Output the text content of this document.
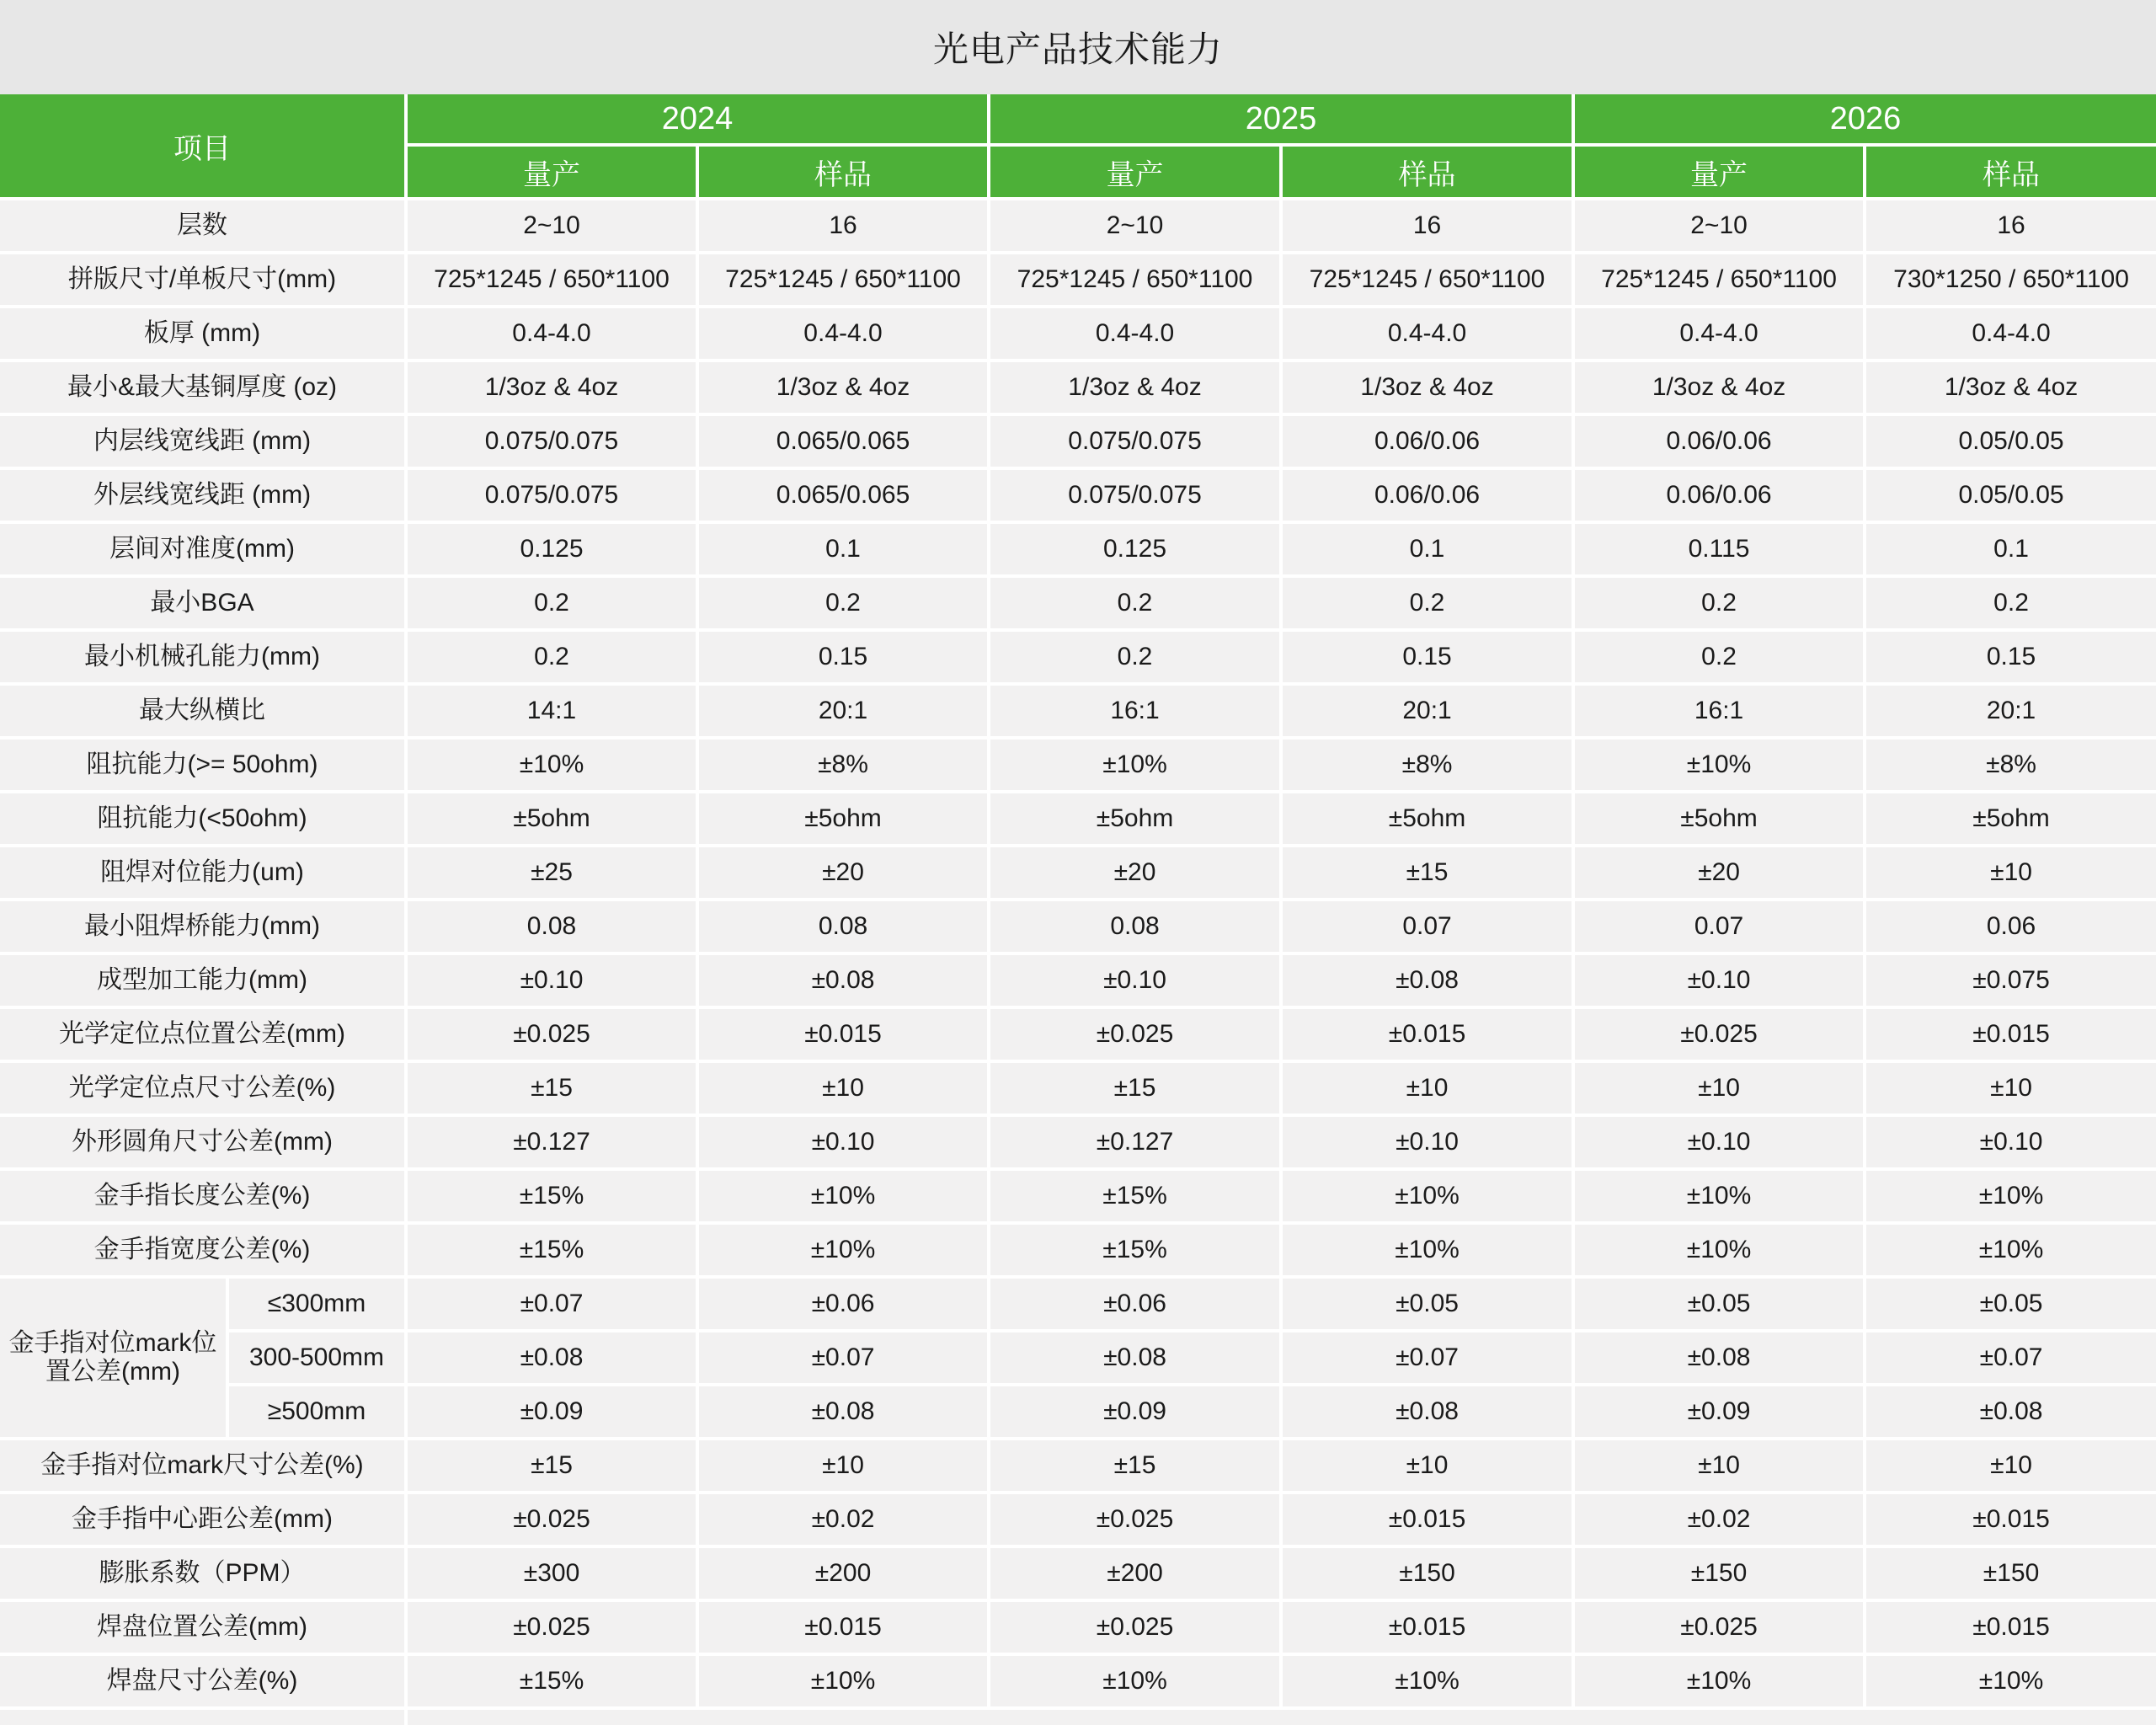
光电产品技术能力
项目		2024		2025		2026	
		量产	样品	量产	样品	量产	样品
层数		2~10	16	2~10	16	2~10	16
拼版尺寸/单板尺寸(mm)		725*1245 / 650*1100	725*1245 / 650*1100	725*1245 / 650*1100	725*1245 / 650*1100	725*1245 / 650*1100	730*1250 / 650*1100
板厚 (mm)		0.4-4.0	0.4-4.0	0.4-4.0	0.4-4.0	0.4-4.0	0.4-4.0
最小&最大基铜厚度 (oz)		1/3oz & 4oz	1/3oz & 4oz	1/3oz & 4oz	1/3oz & 4oz	1/3oz & 4oz	1/3oz & 4oz
内层线宽线距 (mm)		0.075/0.075	0.065/0.065	0.075/0.075	0.06/0.06	0.06/0.06	0.05/0.05
外层线宽线距 (mm)		0.075/0.075	0.065/0.065	0.075/0.075	0.06/0.06	0.06/0.06	0.05/0.05
层间对准度(mm)		0.125	0.1	0.125	0.1	0.115	0.1
最小BGA		0.2	0.2	0.2	0.2	0.2	0.2
最小机械孔能力(mm)		0.2	0.15	0.2	0.15	0.2	0.15
最大纵横比		14:1	20:1	16:1	20:1	16:1	20:1
阻抗能力(>= 50ohm)		±10%	±8%	±10%	±8%	±10%	±8%
阻抗能力(<50ohm)		±5ohm	±5ohm	±5ohm	±5ohm	±5ohm	±5ohm
阻焊对位能力(um)		±25	±20	±20	±15	±20	±10
最小阻焊桥能力(mm)		0.08	0.08	0.08	0.07	0.07	0.06
成型加工能力(mm)		±0.10	±0.08	±0.10	±0.08	±0.10	±0.075
光学定位点位置公差(mm)		±0.025	±0.015	±0.025	±0.015	±0.025	±0.015
光学定位点尺寸公差(%)		±15	±10	±15	±10	±10	±10
外形圆角尺寸公差(mm)		±0.127	±0.10	±0.127	±0.10	±0.10	±0.10
金手指长度公差(%)		±15%	±10%	±15%	±10%	±10%	±10%
金手指宽度公差(%)		±15%	±10%	±15%	±10%	±10%	±10%
金手指对位mark位置公差(mm)	≤300mm	±0.07	±0.06	±0.06	±0.05	±0.05	±0.05
	300-500mm	±0.08	±0.07	±0.08	±0.07	±0.08	±0.07
	≥500mm	±0.09	±0.08	±0.09	±0.08	±0.09	±0.08
金手指对位mark尺寸公差(%)		±15	±10	±15	±10	±10	±10
金手指中心距公差(mm)		±0.025	±0.02	±0.025	±0.015	±0.02	±0.015
膨胀系数（PPM）		±300	±200	±200	±150	±150	±150
焊盘位置公差(mm)		±0.025	±0.015	±0.025	±0.015	±0.025	±0.015
焊盘尺寸公差(%)		±15%	±10%	±10%	±10%	±10%	±10%
